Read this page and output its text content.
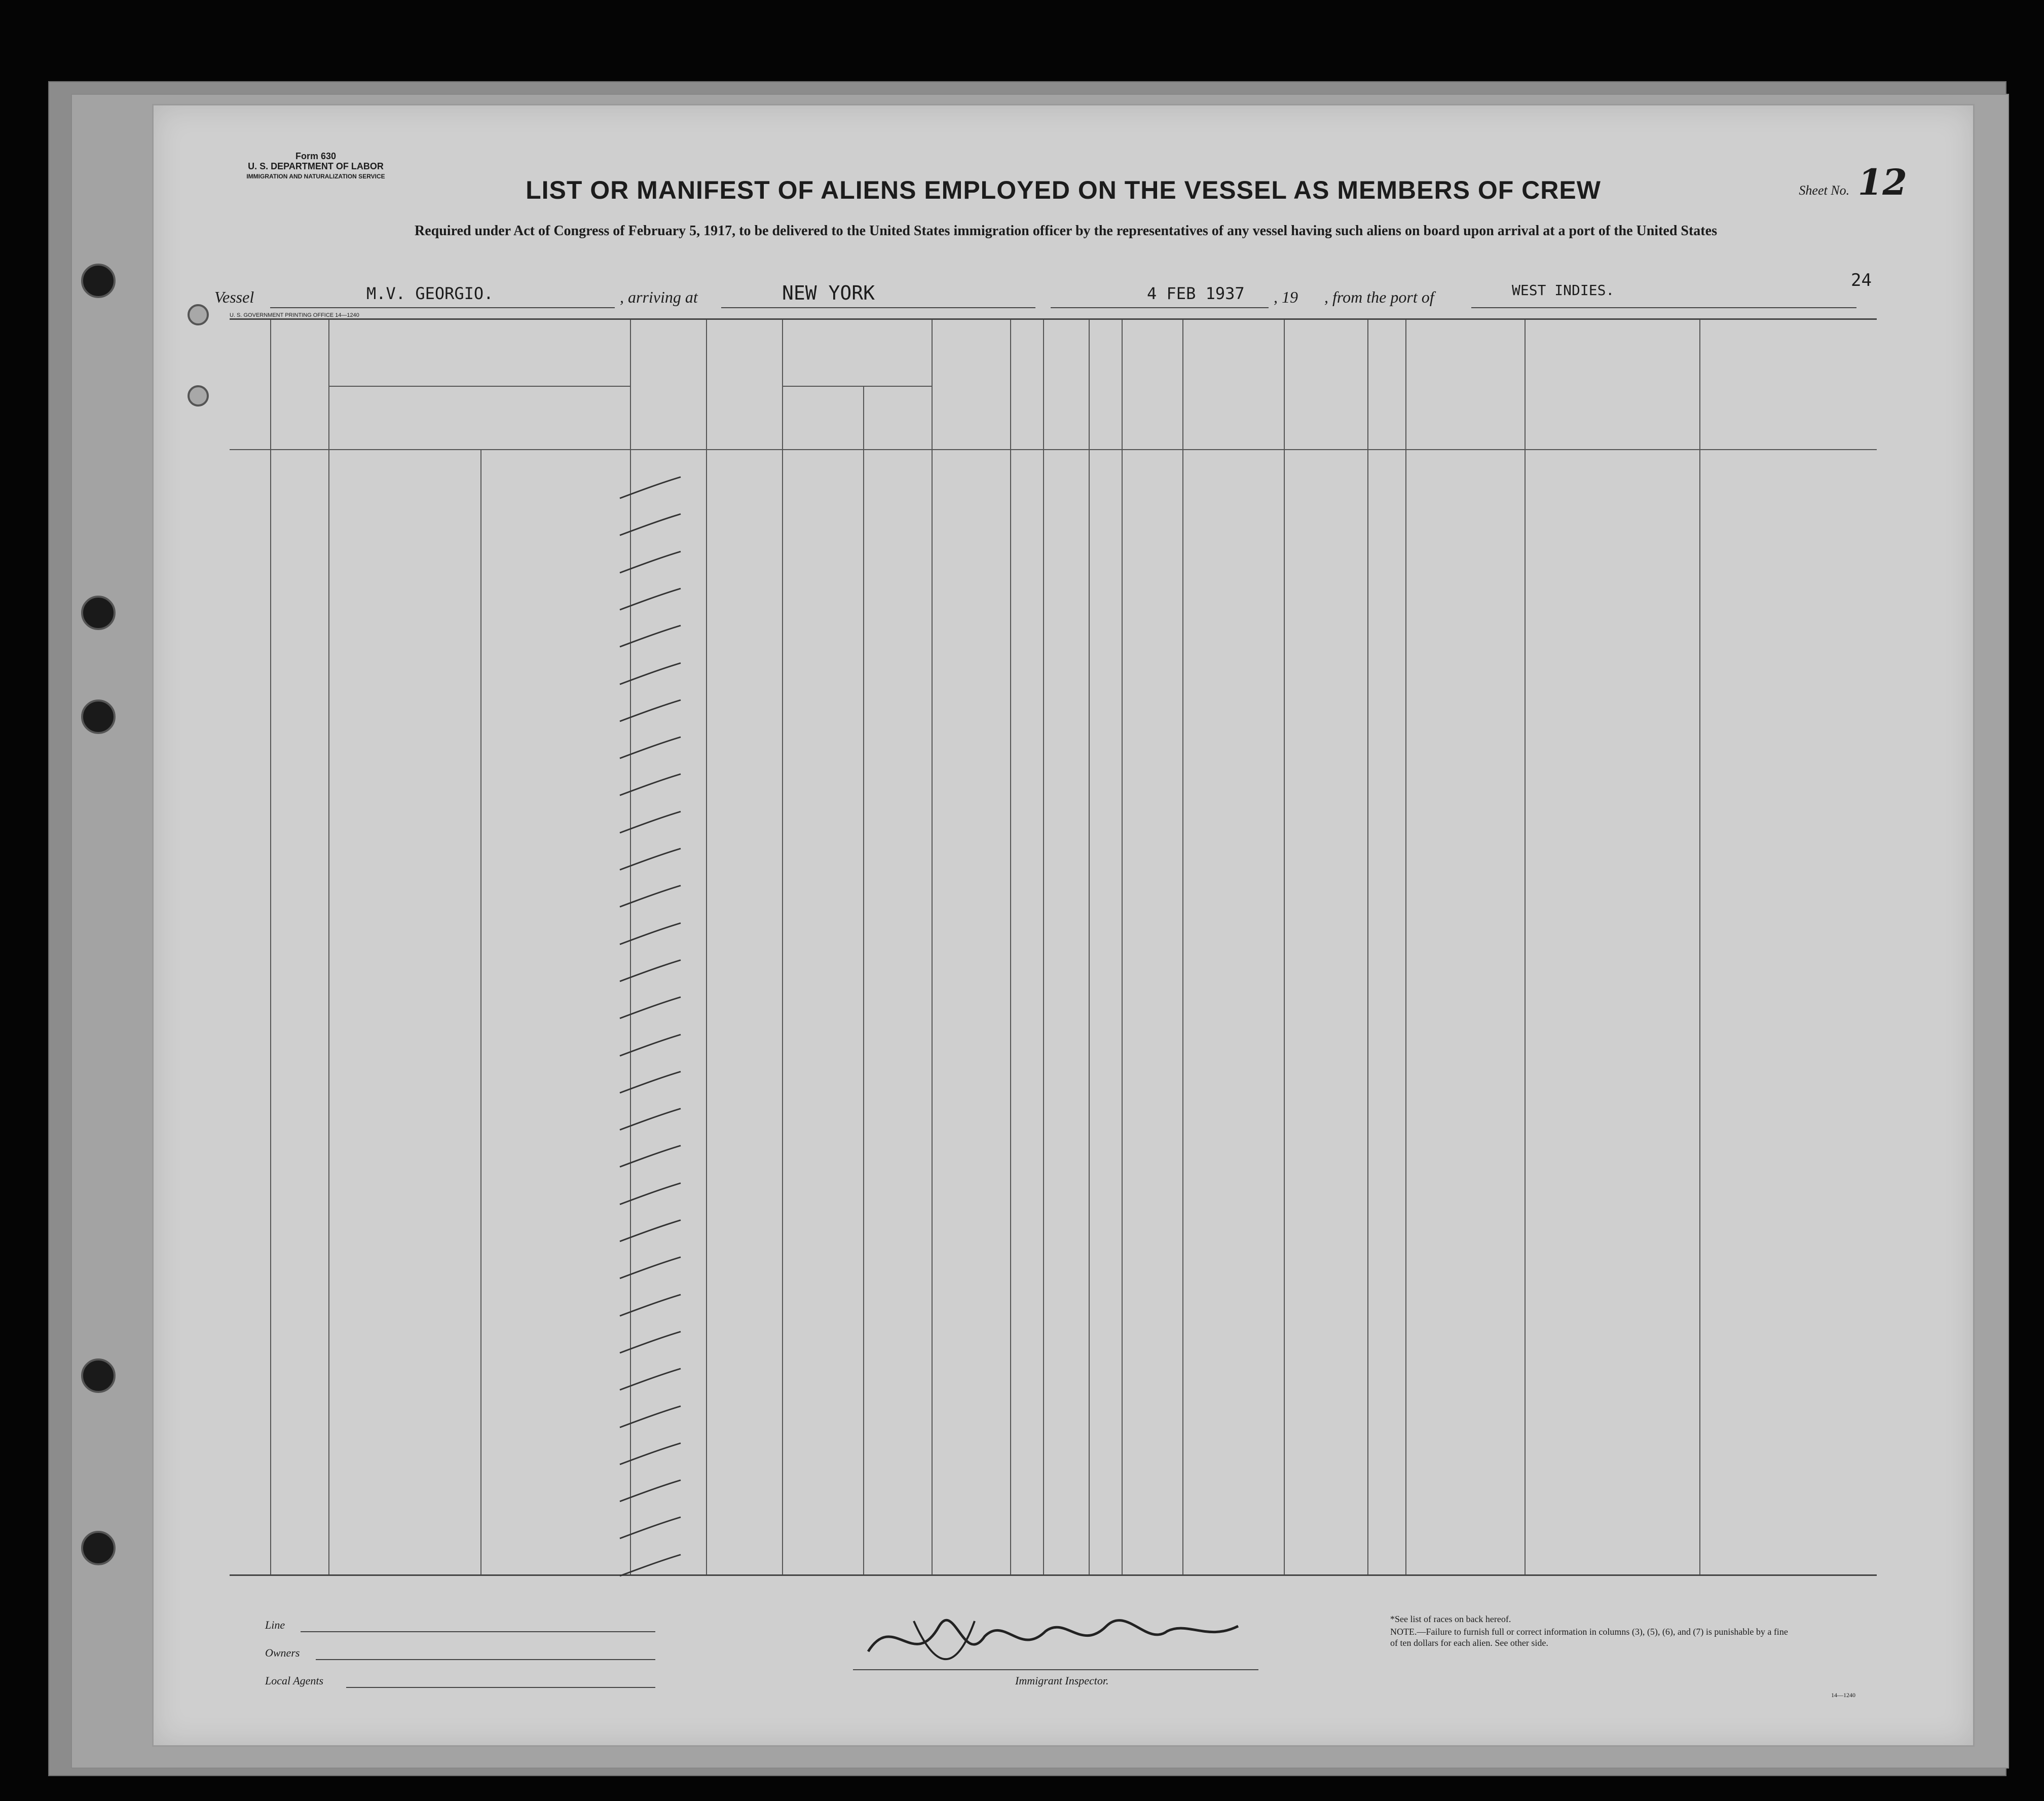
Form 630
U. S. DEPARTMENT OF LABOR
IMMIGRATION AND NATURALIZATION SERVICE
Sheet No. 12
LIST OR MANIFEST OF ALIENS EMPLOYED ON THE VESSEL AS MEMBERS OF CREW
Required under Act of Congress of February 5, 1917, to be delivered to the United States immigration officer by the representatives of any vessel having such aliens on board upon arrival at a port of the United States
Vessel	M.V. GEORGIO.	, arriving at	NEW YORK	4 FEB 1937 , 19 , from the port of	WEST INDIES.	24
U. S. GOVERNMENT PRINTING OFFICE 14—1240
Line
Owners
Local Agents	Immigrant Inspector.
*See list of races on back hereof.
NOTE.—Failure to furnish full or correct information in columns (3), (5), (6), and (7) is punishable by a fine of ten dollars for each alien. See other side.
14—1240
